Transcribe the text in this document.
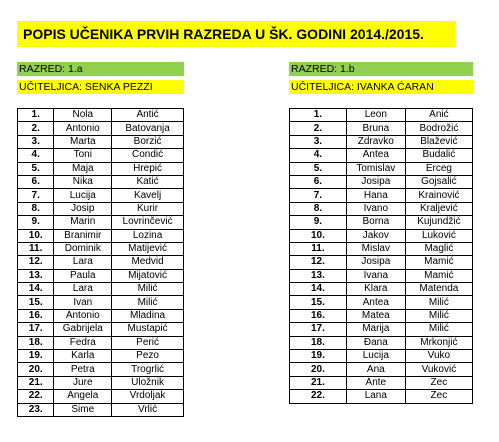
POPIS UČENIKA PRVIH RAZREDA U ŠK. GODINI 2014./2015.
RAZRED: 1.a	RAZRED: 1.b
UČITELJICA: SENKA PEZZI	UČITELJICA: IVANKA ĆARAN
1.	Nola	Antić
2.	Antonio	Batovanja
3.	Marta	Borzić
4.	Toni	Čondić
5.	Maja	Hrepić
6.	Nika	Katić
7.	Lucija	Kavelj
8.	Josip	Kurir
9.	Marin	Lovrinčević
10.	Branimir	Lozina
11.	Dominik	Matijević
12.	Lara	Medvid
13.	Paula	Mijatović
14.	Lara	Milić
15.	Ivan	Milić
16.	Antonio	Mladina
17.	Gabrijela	Mustapić
18.	Fedra	Perić
19.	Karla	Pezo
20.	Petra	Trogrlić
21.	Jure	Uložnik
22.	Angela	Vrdoljak
23.	Šime	Vrlić
1.	Leon	Anić
2.	Bruna	Bodrožić
3.	Zdravko	Blažević
4.	Antea	Budalić
5.	Tomislav	Erceg
6.	Josipa	Gojsalić
7.	Hana	Krainović
8.	Ivano	Kraljević
9.	Borna	Kujundžić
10.	Jakov	Luković
11.	Mislav	Maglić
12.	Josipa	Mamić
13.	Ivana	Mamić
14.	Klara	Matenda
15.	Antea	Milić
16.	Matea	Milić
17.	Marija	Milić
18.	Đana	Mrkonjić
19.	Lucija	Vuko
20.	Ana	Vuković
21.	Ante	Zec
22.	Lana	Zec
